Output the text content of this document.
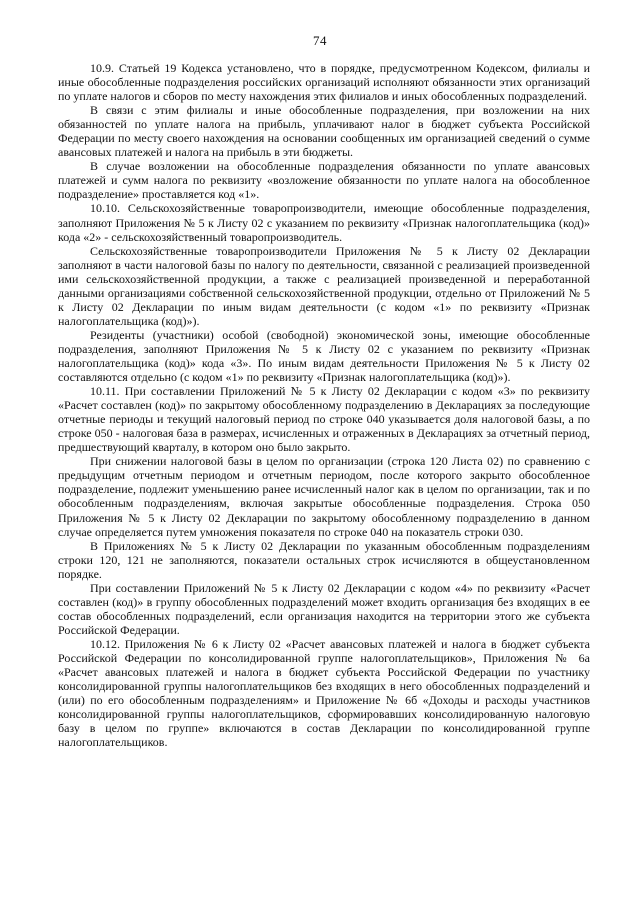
74

10.9. Статьей 19 Кодекса установлено, что в порядке, предусмотренном Кодексом, филиалы и иные обособленные подразделения российских организаций исполняют обязанности этих организаций по уплате налогов и сборов по месту нахождения этих филиалов и иных обособленных подразделений.

В связи с этим филиалы и иные обособленные подразделения, при возложении на них обязанностей по уплате налога на прибыль, уплачивают налог в бюджет субъекта Российской Федерации по месту своего нахождения на основании сообщенных им организацией сведений о сумме авансовых платежей и налога на прибыль в эти бюджеты.

В случае возложении на обособленные подразделения обязанности по уплате авансовых платежей и сумм налога по реквизиту «возложение обязанности по уплате налога на обособленное подразделение» проставляется код «1».

10.10. Сельскохозяйственные товаропроизводители, имеющие обособленные подразделения, заполняют Приложения № 5 к Листу 02 с указанием по реквизиту «Признак налогоплательщика (код)» кода «2» - сельскохозяйственный товаропроизводитель.

Сельскохозяйственные товаропроизводители Приложения № 5 к Листу 02 Декларации заполняют в части налоговой базы по налогу по деятельности, связанной с реализацией произведенной ими сельскохозяйственной продукции, а также с реализацией произведенной и переработанной данными организациями собственной сельскохозяйственной продукции, отдельно от Приложений № 5 к Листу 02 Декларации по иным видам деятельности (с кодом «1» по реквизиту «Признак налогоплательщика (код)»).

Резиденты (участники) особой (свободной) экономической зоны, имеющие обособленные подразделения, заполняют Приложения № 5 к Листу 02 с указанием по реквизиту «Признак налогоплательщика (код)» кода «3». По иным видам деятельности Приложения № 5 к Листу 02 составляются отдельно (с кодом «1» по реквизиту «Признак налогоплательщика (код)»).

10.11. При составлении Приложений № 5 к Листу 02 Декларации с кодом «3» по реквизиту «Расчет составлен (код)» по закрытому обособленному подразделению в Декларациях за последующие отчетные периоды и текущий налоговый период по строке 040 указывается доля налоговой базы, а по строке 050 - налоговая база в размерах, исчисленных и отраженных в Декларациях за отчетный период, предшествующий кварталу, в котором оно было закрыто.

При снижении налоговой базы в целом по организации (строка 120 Листа 02) по сравнению с предыдущим отчетным периодом и отчетным периодом, после которого закрыто обособленное подразделение, подлежит уменьшению ранее исчисленный налог как в целом по организации, так и по обособленным подразделениям, включая закрытые обособленные подразделения. Строка 050 Приложения № 5 к Листу 02 Декларации по закрытому обособленному подразделению в данном случае определяется путем умножения показателя по строке 040 на показатель строки 030.

В Приложениях № 5 к Листу 02 Декларации по указанным обособленным подразделениям строки 120, 121 не заполняются, показатели остальных строк исчисляются в общеустановленном порядке.

При составлении Приложений № 5 к Листу 02 Декларации с кодом «4» по реквизиту «Расчет составлен (код)» в группу обособленных подразделений может входить организация без входящих в ее состав обособленных подразделений, если организация находится на территории этого же субъекта Российской Федерации.

10.12. Приложения № 6 к Листу 02 «Расчет авансовых платежей и налога в бюджет субъекта Российской Федерации по консолидированной группе налогоплательщиков», Приложения № 6а «Расчет авансовых платежей и налога в бюджет субъекта Российской Федерации по участнику консолидированной группы налогоплательщиков без входящих в него обособленных подразделений и (или) по его обособленным подразделениям» и Приложение № 6б «Доходы и расходы участников консолидированной группы налогоплательщиков, сформировавших консолидированную налоговую базу в целом по группе» включаются в состав Декларации по консолидированной группе налогоплательщиков.
